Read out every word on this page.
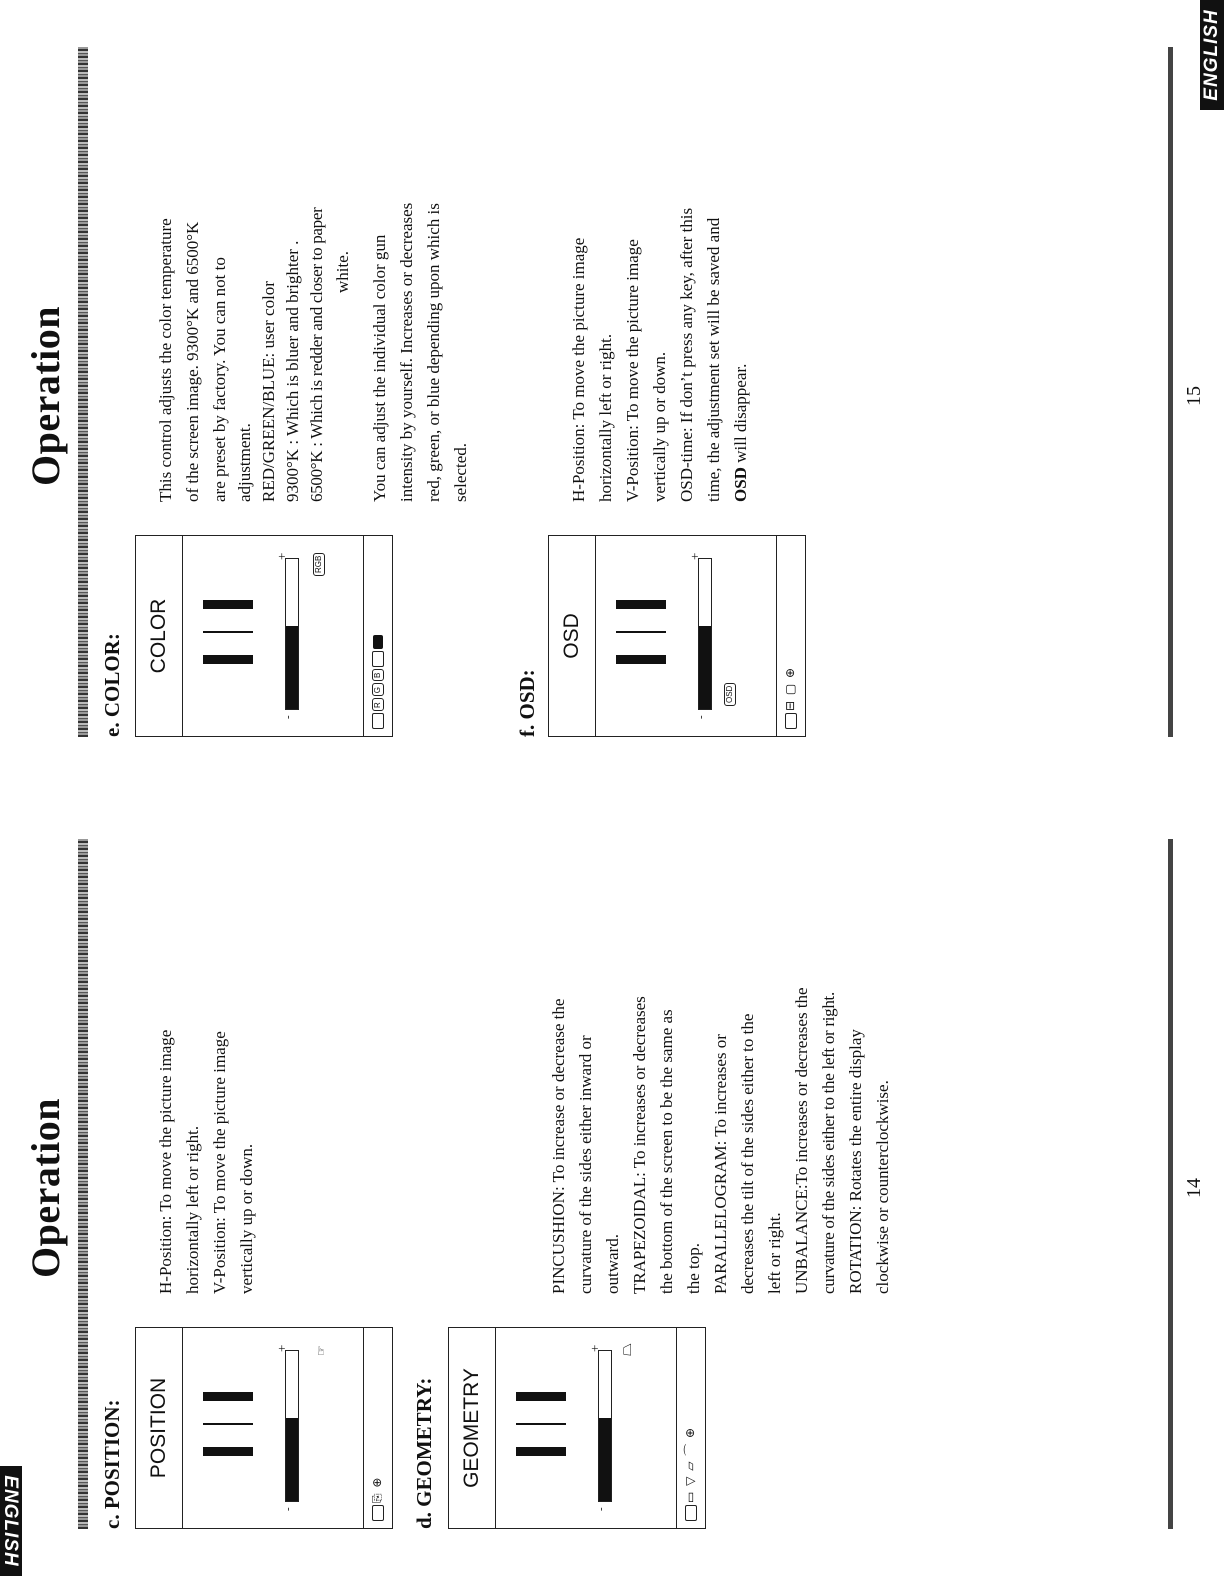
ENGLISH
Operation
c. POSITION:	POSITION
-
+ ☞
⎘ ⊕

H-Position: To move the picture image horizontally left or right. V-Position: To move the picture image vertically up or down.

d. GEOMETRY:	GEOMETRY
-
+ ⏢
▭ ▽ ▱ ⌒ ⊕

PINCUSHION: To increase or decrease the curvature of the sides either inward or outward. TRAPEZOIDAL: To increases or decreases the bottom of the screen to be the same as the top. PARALLELOGRAM: To increases or decreases the tilt of the sides either to the left or right. UNBALANCE:To increases or decreases the curvature of the sides either to the left or right. ROTATION: Rotates the entire display clockwise or counterclockwise.	14
ENGLISH
Operation
e. COLOR:	COLOR
-
+	RGB
RGB

This control adjusts the color temperature of the screen image. 9300°K and 6500°K are preset by factory. You can not to adjustment. RED/GREEN/BLUE: user color 9300°K : Which is bluer and brighter . 6500°K : Which is redder and closer to paper white. You can adjust the individual color gun intensity by yourself. Increases or decreases red, green, or blue depending upon which is selected.

f. OSD:
OSD
-
+
OSD	⊟ ▢ ⊕

H-Position: To move the picture image horizontally left or right. V-Position: To move the picture image vertically up or down. OSD-time: If don’t press any key, after this time, the adjustment set will be saved and OSD will disappear.	15
